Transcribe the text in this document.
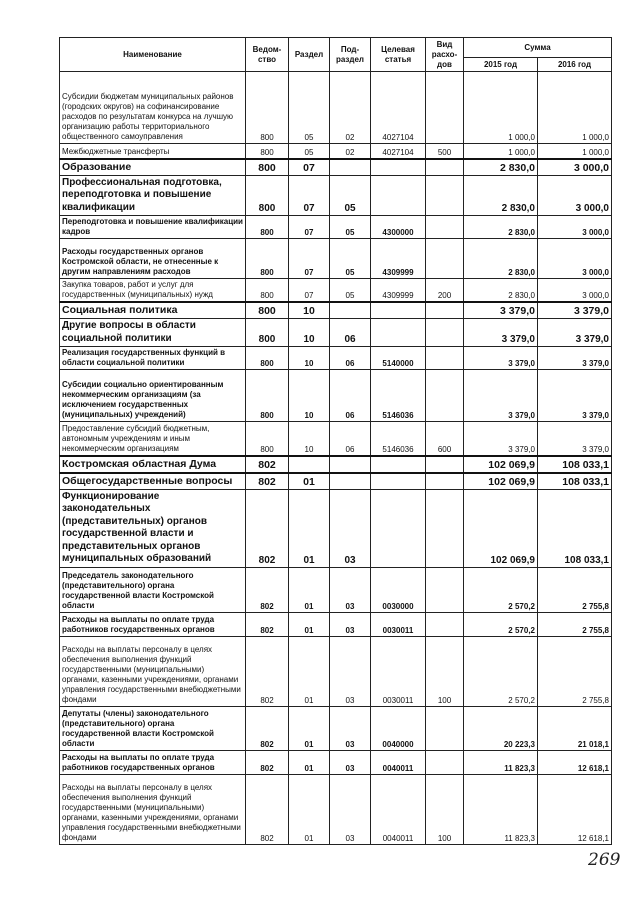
Наименование	Ведом-ство	Раздел	Под-раздел	Целевая статья	Вид расхо-дов	Сумма	
						2015 год	2016 год
Субсидии бюджетам муниципальных районов (городских округов) на софинансирование расходов по результатам конкурса на лучшую организацию работы территориального общественного самоуправления	800	05	02	4027104		1 000,0	1 000,0
Межбюджетные трансферты	800	05	02	4027104	500	1 000,0	1 000,0
Образование	800	07				2 830,0	3 000,0
Профессиональная подготовка, переподготовка и повышение квалификации	800	07	05			2 830,0	3 000,0
Переподготовка и повышение квалификации кадров	800	07	05	4300000		2 830,0	3 000,0
Расходы государственных органов Костромской области, не отнесенные к другим направлениям расходов	800	07	05	4309999		2 830,0	3 000,0
Закупка товаров, работ и услуг для государственных (муниципальных) нужд	800	07	05	4309999	200	2 830,0	3 000,0
Социальная политика	800	10				3 379,0	3 379,0
Другие вопросы в области социальной политики	800	10	06			3 379,0	3 379,0
Реализация государственных функций в области социальной политики	800	10	06	5140000		3 379,0	3 379,0
Субсидии социально ориентированным некоммерческим организациям (за исключением государственных (муниципальных) учреждений)	800	10	06	5146036		3 379,0	3 379,0
Предоставление субсидий бюджетным, автономным учреждениям и иным некоммерческим организациям	800	10	06	5146036	600	3 379,0	3 379,0
Костромская областная Дума	802					102 069,9	108 033,1
Общегосударственные вопросы	802	01				102 069,9	108 033,1
Функционирование законодательных (представительных) органов государственной власти и представительных органов муниципальных образований	802	01	03			102 069,9	108 033,1
Председатель законодательного (представительного) органа государственной власти Костромской области	802	01	03	0030000		2 570,2	2 755,8
Расходы на выплаты по оплате труда работников государственных органов	802	01	03	0030011		2 570,2	2 755,8
Расходы на выплаты персоналу в целях обеспечения выполнения функций государственными (муниципальными) органами, казенными учреждениями, органами управления государственными внебюджетными фондами	802	01	03	0030011	100	2 570,2	2 755,8
Депутаты (члены) законодательного (представительного) органа государственной власти Костромской области	802	01	03	0040000		20 223,3	21 018,1
Расходы на выплаты по оплате труда работников государственных органов	802	01	03	0040011		11 823,3	12 618,1
Расходы на выплаты персоналу в целях обеспечения выполнения функций государственными (муниципальными) органами, казенными учреждениями, органами управления государственными внебюджетными фондами	802	01	03	0040011	100	11 823,3	12 618,1
269
